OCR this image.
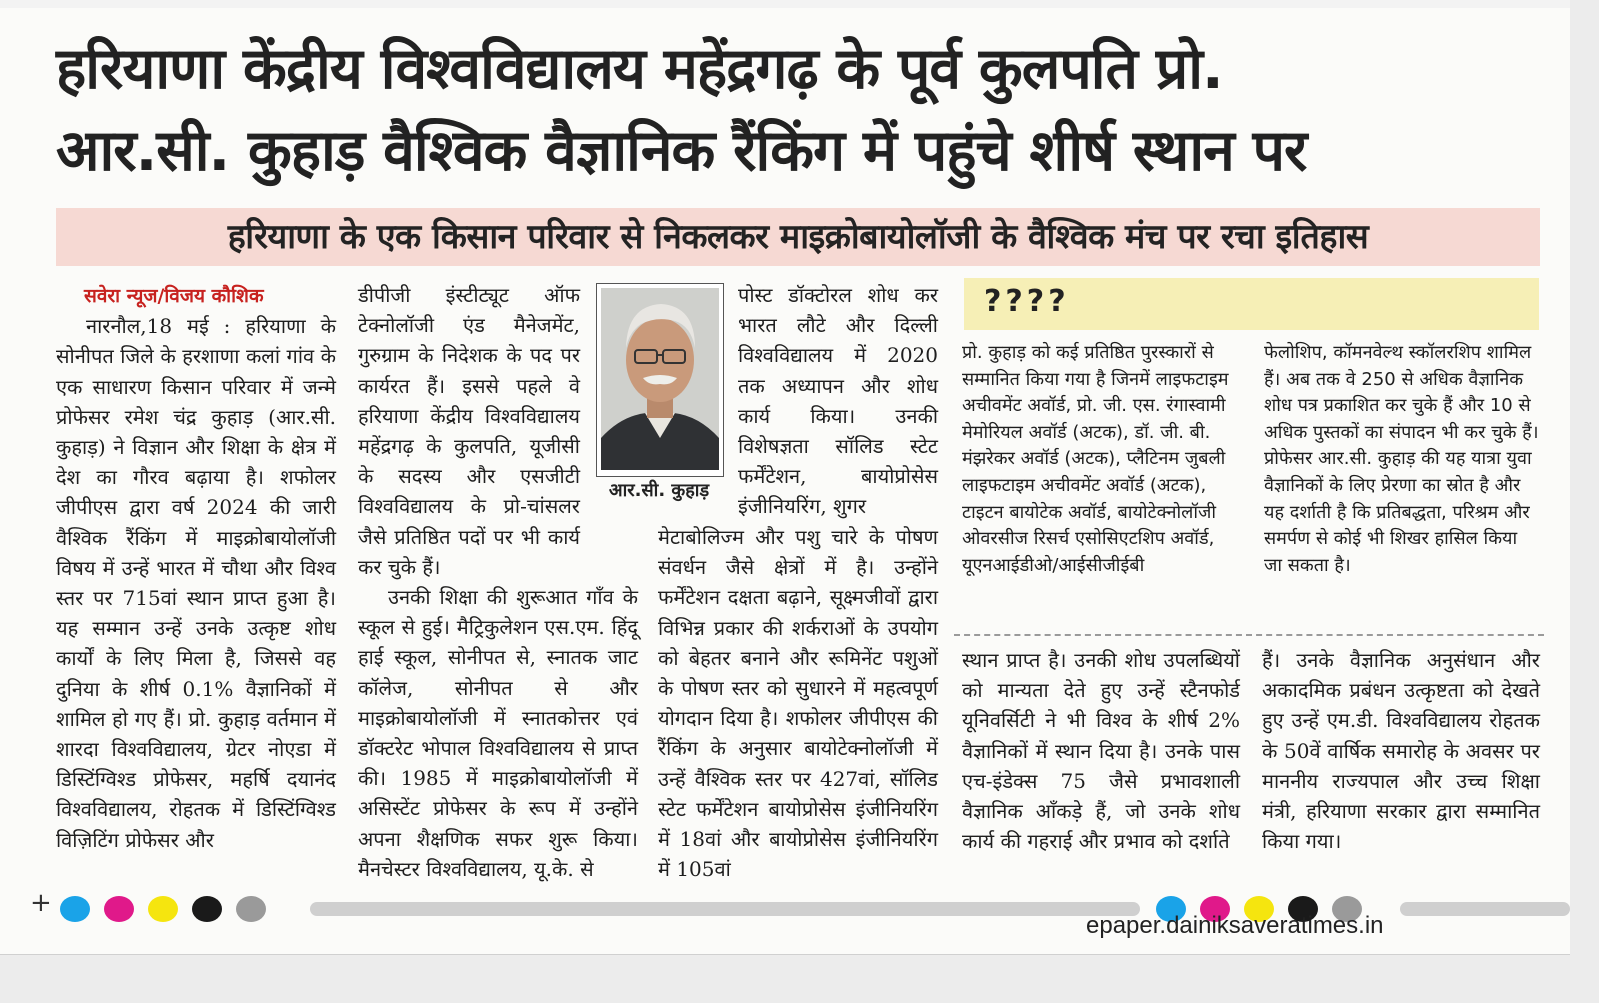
हरियाणा केंद्रीय विश्वविद्यालय महेंद्रगढ़ के पूर्व कुलपति प्रो.
आर.सी. कुहाड़ वैश्विक वैज्ञानिक रैंकिंग में पहुंचे शीर्ष स्थान पर
हरियाणा के एक किसान परिवार से निकलकर माइक्रोबायोलॉजी के वैश्विक मंच पर रचा इतिहास

सवेरा न्यूज/विजय कौशिक

नारनौल,18 मई : हरियाणा के सोनीपत जिले के हरशाणा कलां गांव के एक साधारण किसान परिवार में जन्मे प्रोफेसर रमेश चंद्र कुहाड़ (आर.सी. कुहाड़) ने विज्ञान और शिक्षा के क्षेत्र में देश का गौरव बढ़ाया है। शफोलर जीपीएस द्वारा वर्ष 2024 की जारी वैश्विक रैंकिंग में माइक्रोबायोलॉजी विषय में उन्हें भारत में चौथा और विश्व स्तर पर 715वां स्थान प्राप्त हुआ है। यह सम्मान उन्हें उनके उत्कृष्ट शोध कार्यों के लिए मिला है, जिससे वह दुनिया के शीर्ष 0.1% वैज्ञानिकों में शामिल हो गए हैं। प्रो. कुहाड़ वर्तमान में शारदा विश्वविद्यालय, ग्रेटर नोएडा में डिस्टिंग्विश्ड प्रोफेसर, महर्षि दयानंद विश्वविद्यालय, रोहतक में डिस्टिंग्विश्ड विज़िटिंग प्रोफेसर और

डीपीजी इंस्टीट्यूट ऑफ टेक्नोलॉजी एंड मैनेजमेंट, गुरुग्राम के निदेशक के पद पर कार्यरत हैं। इससे पहले वे हरियाणा केंद्रीय विश्वविद्यालय महेंद्रगढ़ के कुलपति, यूजीसी के सदस्य और एसजीटी विश्वविद्यालय के प्रो-चांसलर जैसे प्रतिष्ठित पदों पर भी कार्य कर चुके हैं।

उनकी शिक्षा की शुरूआत गाँव के स्कूल से हुई। मैट्रिकुलेशन एस.एम. हिंदू हाई स्कूल, सोनीपत से, स्नातक जाट कॉलेज, सोनीपत से और माइक्रोबायोलॉजी में स्नातकोत्तर एवं डॉक्टरेट भोपाल विश्वविद्यालय से प्राप्त की। 1985 में माइक्रोबायोलॉजी में असिस्टेंट प्रोफेसर के रूप में उन्होंने अपना शैक्षणिक सफर शुरू किया। मैनचेस्टर विश्वविद्यालय, यू.के. से

आर.सी. कुहाड़

पोस्ट डॉक्टोरल शोध कर भारत लौटे और दिल्ली विश्वविद्यालय में 2020 तक अध्यापन और शोध कार्य किया। उनकी विशेषज्ञता सॉलिड स्टेट फर्मेंटेशन, बायोप्रोसेस इंजीनियरिंग, शुगर

मेटाबोलिज्म और पशु चारे के पोषण संवर्धन जैसे क्षेत्रों में है। उन्होंने फर्मेंटेशन दक्षता बढ़ाने, सूक्ष्मजीवों द्वारा विभिन्न प्रकार की शर्कराओं के उपयोग को बेहतर बनाने और रूमिनेंट पशुओं के पोषण स्तर को सुधारने में महत्वपूर्ण योगदान दिया है। शफोलर जीपीएस की रैंकिंग के अनुसार बायोटेक्नोलॉजी में उन्हें वैश्विक स्तर पर 427वां, सॉलिड स्टेट फर्मेंटेशन बायोप्रोसेस इंजीनियरिंग में 18वां और बायोप्रोसेस इंजीनियरिंग में 105वां

????

प्रो. कुहाड़ को कई प्रतिष्ठित पुरस्कारों से सम्मानित किया गया है जिनमें लाइफटाइम अचीवमेंट अवॉर्ड, प्रो. जी. एस. रंगास्वामी मेमोरियल अवॉर्ड (अटक), डॉ. जी. बी. मंझरेकर अवॉर्ड (अटक), प्लैटिनम जुबली लाइफटाइम अचीवमेंट अवॉर्ड (अटक), टाइटन बायोटेक अवॉर्ड, बायोटेक्नोलॉजी ओवरसीज रिसर्च एसोसिएटशिप अवॉर्ड, यूएनआईडीओ/आईसीजीईबी

फेलोशिप, कॉमनवेल्थ स्कॉलरशिप शामिल हैं। अब तक वे 250 से अधिक वैज्ञानिक शोध पत्र प्रकाशित कर चुके हैं और 10 से अधिक पुस्तकों का संपादन भी कर चुके हैं। प्रोफेसर आर.सी. कुहाड़ की यह यात्रा युवा वैज्ञानिकों के लिए प्रेरणा का स्रोत है और यह दर्शाती है कि प्रतिबद्धता, परिश्रम और समर्पण से कोई भी शिखर हासिल किया जा सकता है।

स्थान प्राप्त है। उनकी शोध उपलब्धियों को मान्यता देते हुए उन्हें स्टैनफोर्ड यूनिवर्सिटी ने भी विश्व के शीर्ष 2% वैज्ञानिकों में स्थान दिया है। उनके पास एच-इंडेक्स 75 जैसे प्रभावशाली वैज्ञानिक आँकड़े हैं, जो उनके शोध कार्य की गहराई और प्रभाव को दर्शाते

हैं। उनके वैज्ञानिक अनुसंधान और अकादमिक प्रबंधन उत्कृष्टता को देखते हुए उन्हें एम.डी. विश्वविद्यालय रोहतक के 50वें वार्षिक समारोह के अवसर पर माननीय राज्यपाल और उच्च शिक्षा मंत्री, हरियाणा सरकार द्वारा सम्मानित किया गया।

+
epaper.dainiksaveratimes.in
